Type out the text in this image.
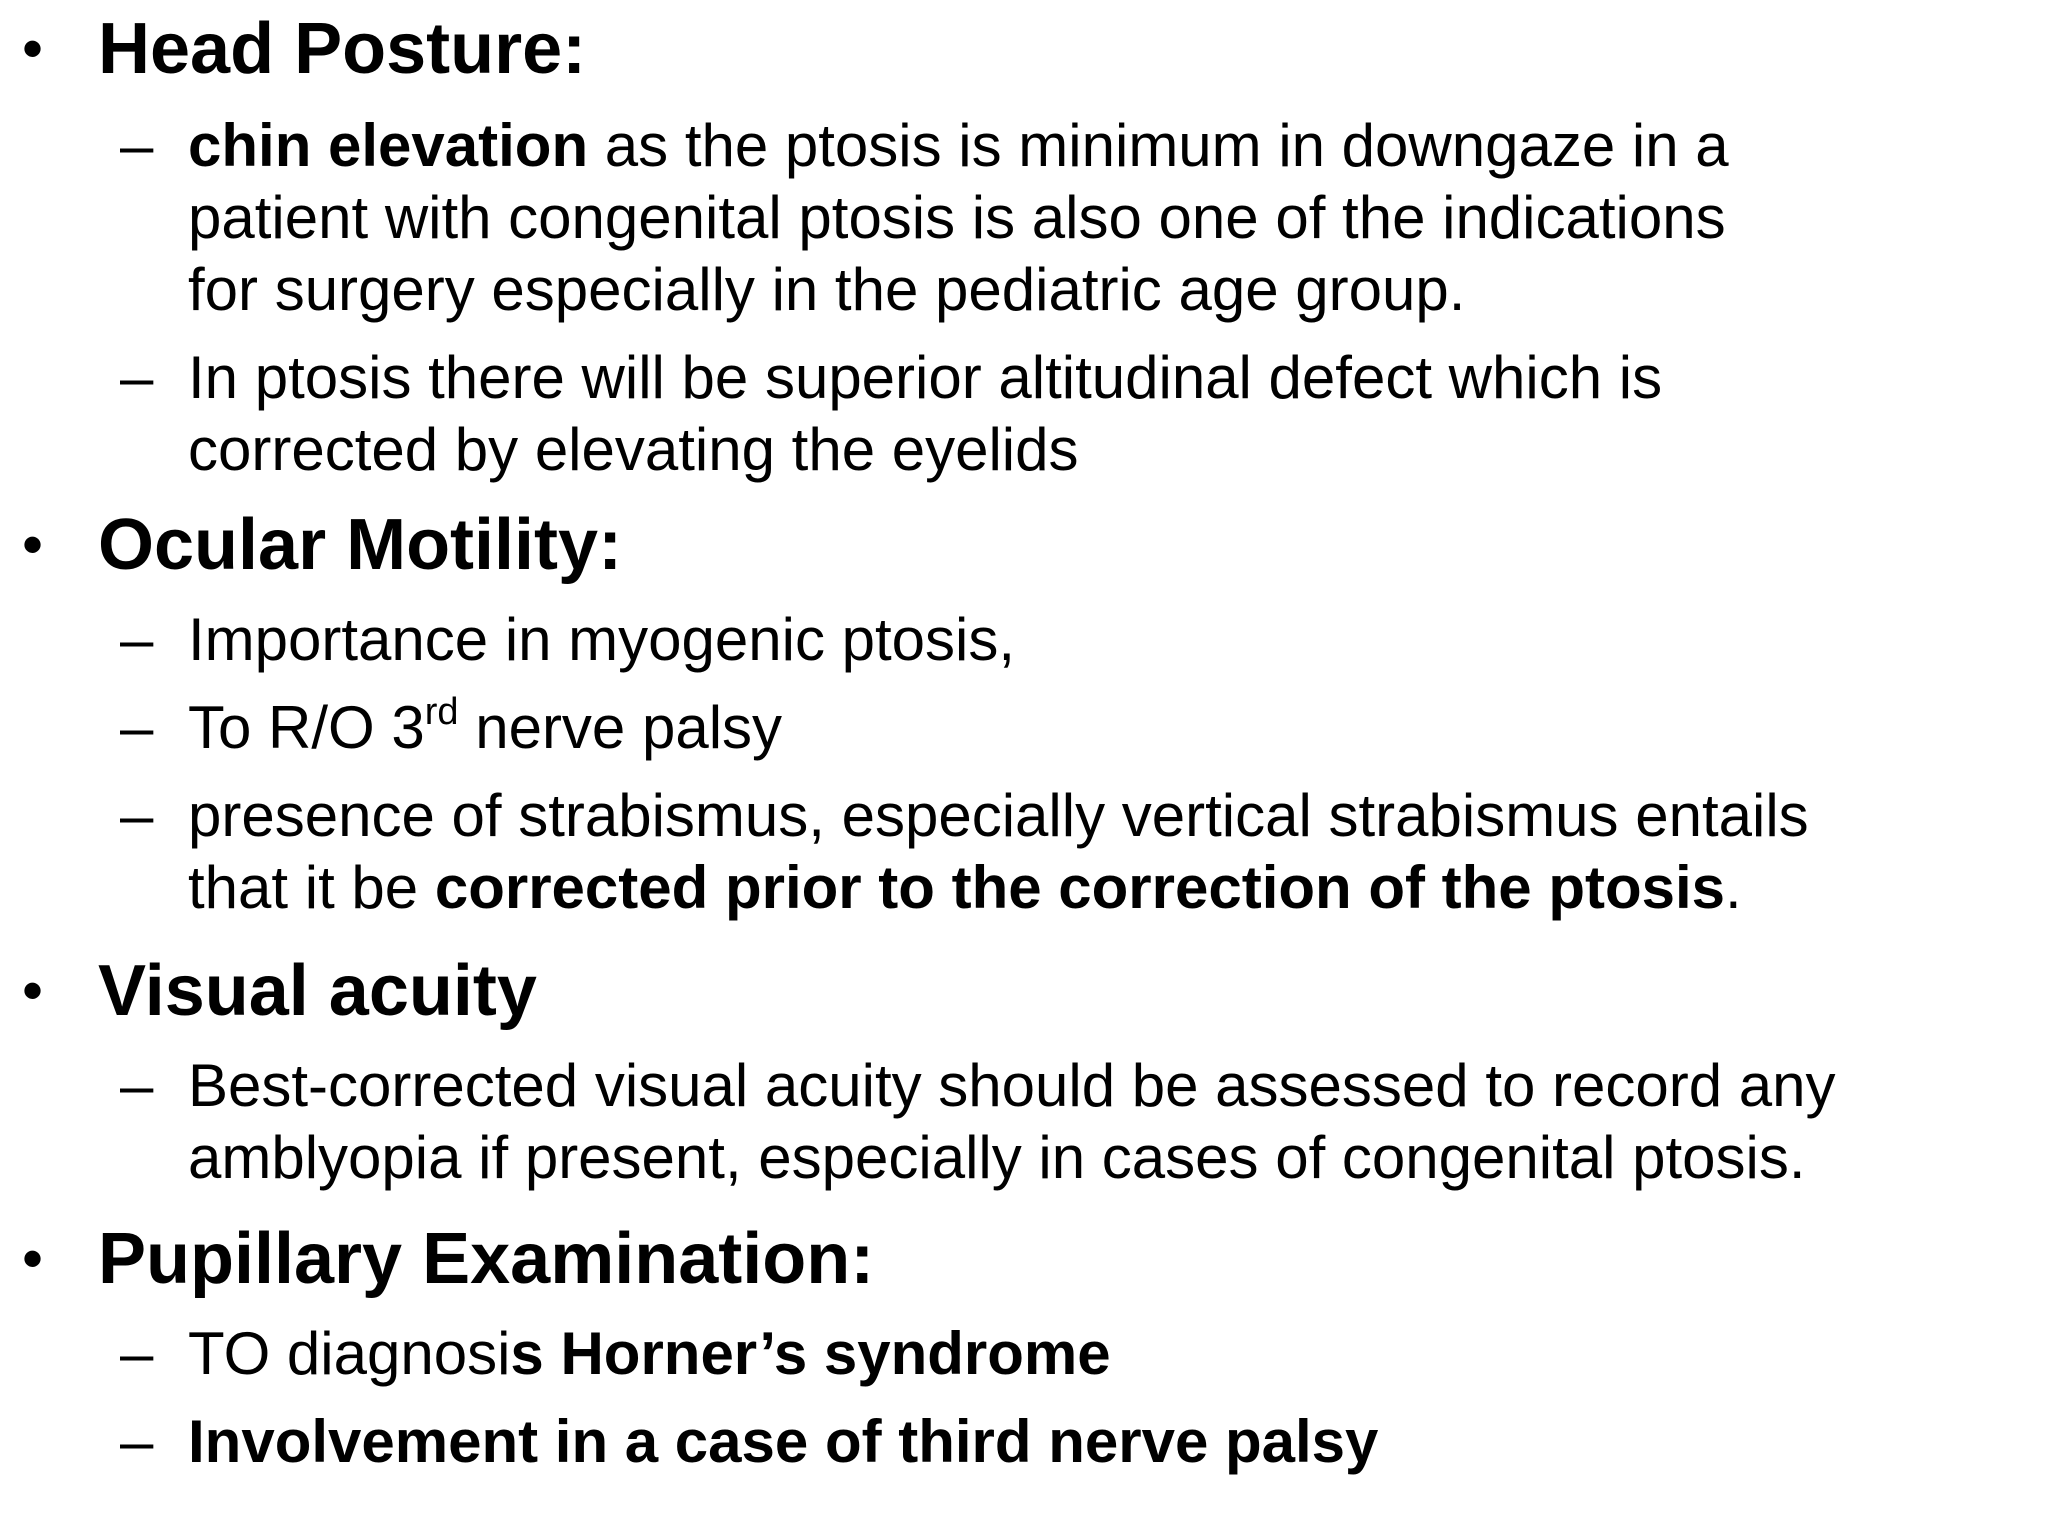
• Head Posture:
– chin elevation as the ptosis is minimum in downgaze in a
patient with congenital ptosis is also one of the indications
for surgery especially in the pediatric age group.
– In ptosis there will be superior altitudinal defect which is
corrected by elevating the eyelids
• Ocular Motility:
– Importance in myogenic ptosis,
– To R/O 3rd nerve palsy
– presence of strabismus, especially vertical strabismus entails
that it be corrected prior to the correction of the ptosis.
• Visual acuity
– Best-corrected visual acuity should be assessed to record any
amblyopia if present, especially in cases of congenital ptosis.
• Pupillary Examination:
– TO diagnosis Horner’s syndrome
– Involvement in a case of third nerve palsy
